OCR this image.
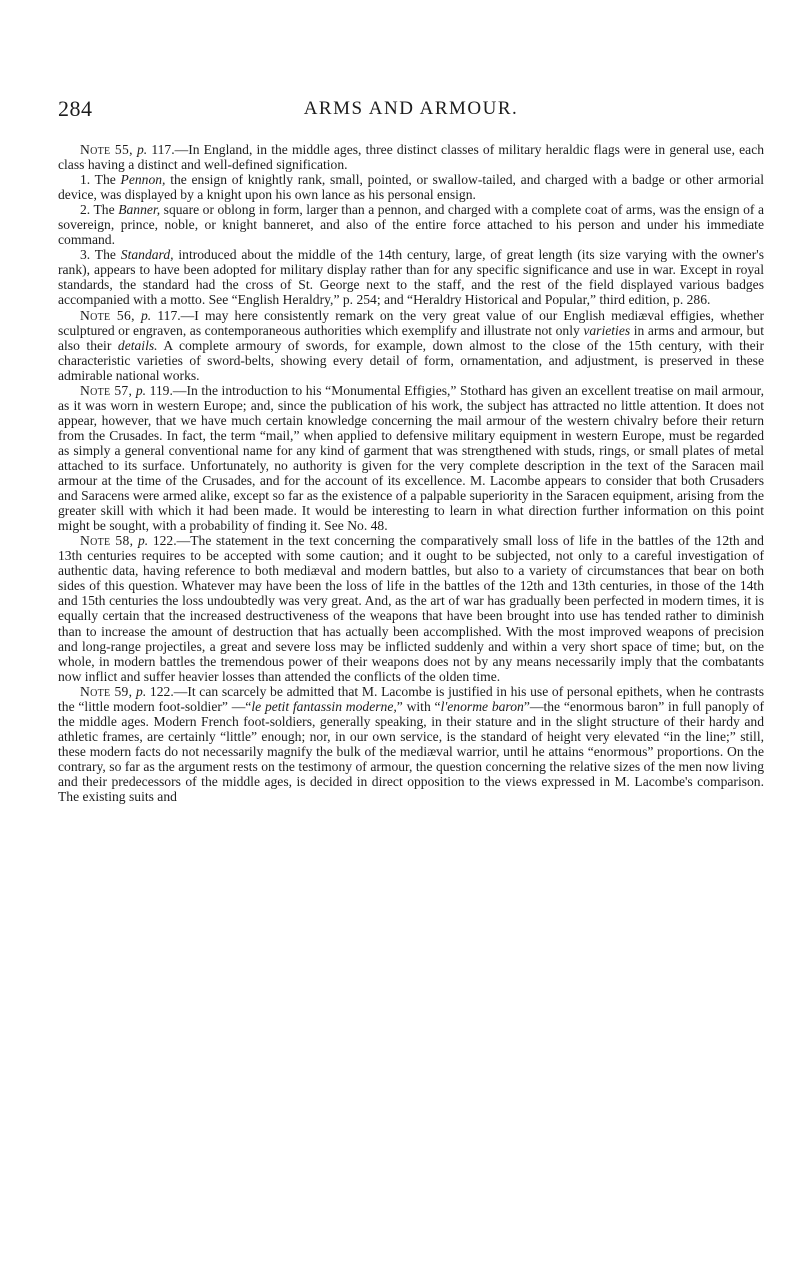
284	ARMS AND ARMOUR.

Note 55, p. 117.—In England, in the middle ages, three distinct classes of military heraldic flags were in general use, each class having a distinct and well-defined signification.

1. The Pennon, the ensign of knightly rank, small, pointed, or swallow-tailed, and charged with a badge or other armorial device, was displayed by a knight upon his own lance as his personal ensign.

2. The Banner, square or oblong in form, larger than a pennon, and charged with a complete coat of arms, was the ensign of a sovereign, prince, noble, or knight banneret, and also of the entire force attached to his person and under his immediate command.

3. The Standard, introduced about the middle of the 14th century, large, of great length (its size varying with the owner's rank), appears to have been adopted for military display rather than for any specific significance and use in war. Except in royal standards, the standard had the cross of St. George next to the staff, and the rest of the field displayed various badges accompanied with a motto. See “English Heraldry,” p. 254; and “Heraldry Historical and Popular,” third edition, p. 286.

Note 56, p. 117.—I may here consistently remark on the very great value of our English mediæval effigies, whether sculptured or engraven, as contemporaneous authorities which exemplify and illustrate not only varieties in arms and armour, but also their details. A complete armoury of swords, for example, down almost to the close of the 15th century, with their characteristic varieties of sword-belts, showing every detail of form, ornamentation, and adjustment, is preserved in these admirable national works.

Note 57, p. 119.—In the introduction to his “Monumental Effigies,” Stothard has given an excellent treatise on mail armour, as it was worn in western Europe; and, since the publication of his work, the subject has attracted no little attention. It does not appear, however, that we have much certain knowledge concerning the mail armour of the western chivalry before their return from the Crusades. In fact, the term “mail,” when applied to defensive military equipment in western Europe, must be regarded as simply a general conventional name for any kind of garment that was strengthened with studs, rings, or small plates of metal attached to its surface. Unfortunately, no authority is given for the very complete description in the text of the Saracen mail armour at the time of the Crusades, and for the account of its excellence. M. Lacombe appears to consider that both Crusaders and Saracens were armed alike, except so far as the existence of a palpable superiority in the Saracen equipment, arising from the greater skill with which it had been made. It would be interesting to learn in what direction further information on this point might be sought, with a probability of finding it. See No. 48.

Note 58, p. 122.—The statement in the text concerning the comparatively small loss of life in the battles of the 12th and 13th centuries requires to be accepted with some caution; and it ought to be subjected, not only to a careful investigation of authentic data, having reference to both mediæval and modern battles, but also to a variety of circumstances that bear on both sides of this question. Whatever may have been the loss of life in the battles of the 12th and 13th centuries, in those of the 14th and 15th centuries the loss undoubtedly was very great. And, as the art of war has gradually been perfected in modern times, it is equally certain that the increased destructiveness of the weapons that have been brought into use has tended rather to diminish than to increase the amount of destruction that has actually been accomplished. With the most improved weapons of precision and long-range projectiles, a great and severe loss may be inflicted suddenly and within a very short space of time; but, on the whole, in modern battles the tremendous power of their weapons does not by any means necessarily imply that the combatants now inflict and suffer heavier losses than attended the conflicts of the olden time.

Note 59, p. 122.—It can scarcely be admitted that M. Lacombe is justified in his use of personal epithets, when he contrasts the “little modern foot-soldier” —“le petit fantassin moderne,” with “l'enorme baron”—the “enormous baron” in full panoply of the middle ages. Modern French foot-soldiers, generally speaking, in their stature and in the slight structure of their hardy and athletic frames, are certainly “little” enough; nor, in our own service, is the standard of height very elevated “in the line;” still, these modern facts do not necessarily magnify the bulk of the mediæval warrior, until he attains “enormous” proportions. On the contrary, so far as the argument rests on the testimony of armour, the question concerning the relative sizes of the men now living and their predecessors of the middle ages, is decided in direct opposition to the views expressed in M. Lacombe's comparison. The existing suits and
